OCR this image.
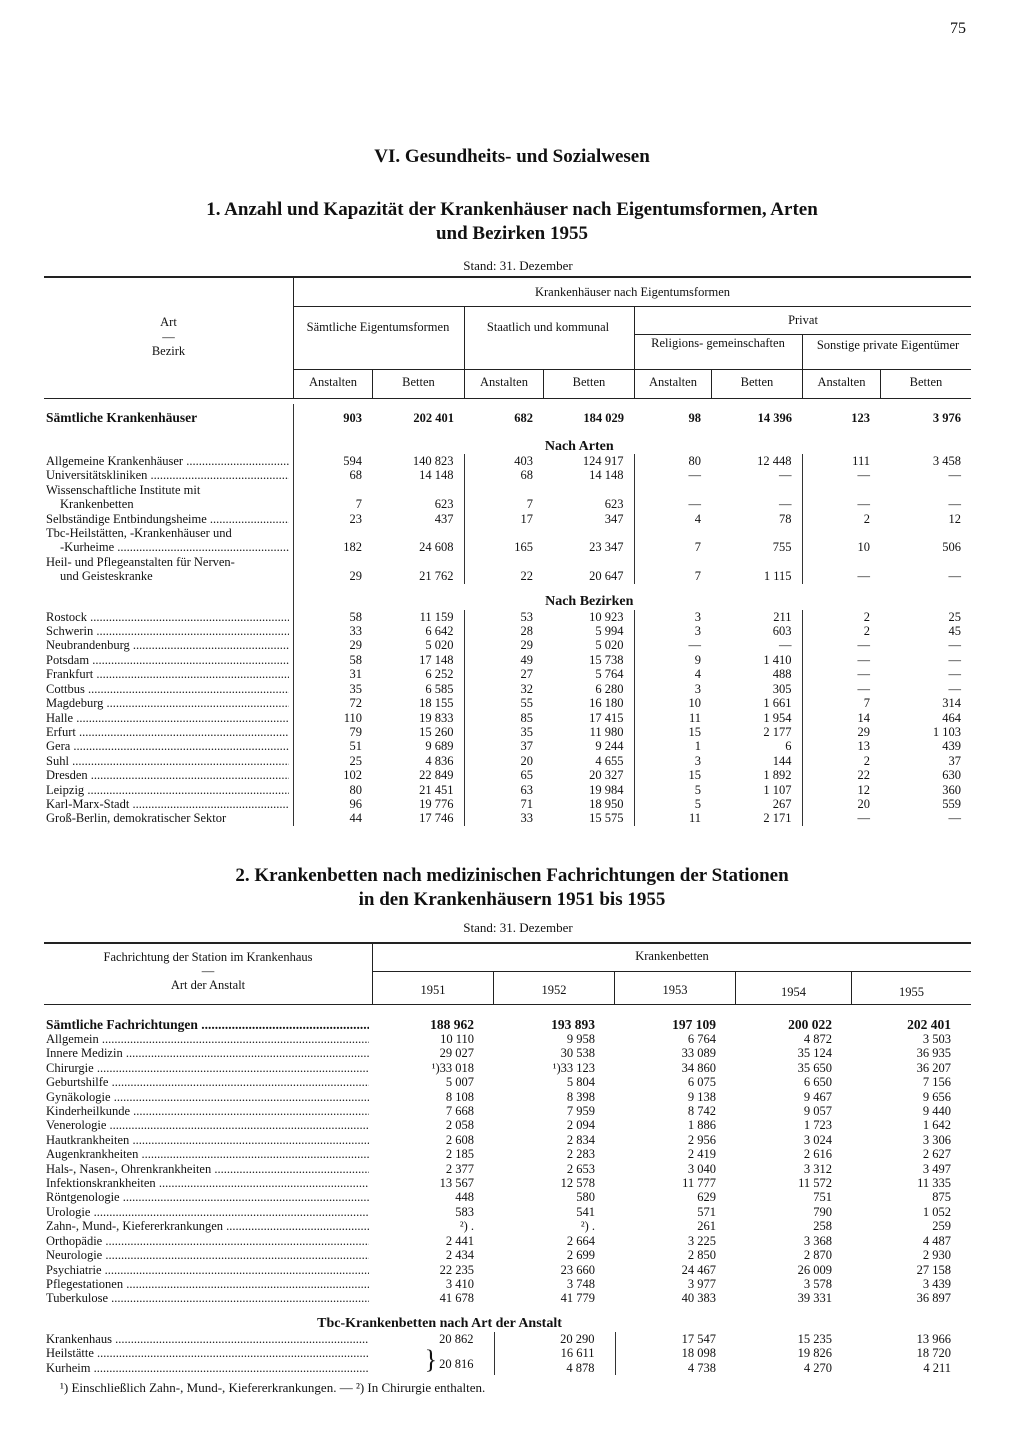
75
VI. Gesundheits- und Sozialwesen
1. Anzahl und Kapazität der Krankenhäuser nach Eigentumsformen, Arten
und Bezirken 1955
Stand: 31. Dezember
Krankenhäuser nach Eigentumsformen
Art
—
Bezirk
Sämtliche Eigentumsformen	Staatlich und kommunal	Privat
Religions- gemeinschaften	Sonstige private Eigentümer
Anstalten	Betten	Anstalten	Betten	Anstalten	Betten	Anstalten	Betten
Sämtliche Krankenhäuser	903	202 401	682	184 029	98	14 396	123	3 976
	Nach Arten							

Allgemeine Krankenhäuser .....	594	140 823	403	124 917	80	12 448	111	3 458

Universitätskliniken .....	68	14 148	68	14 148	—	—	—	—

Wissenschaftliche Institute mit								

Krankenbetten	7	623	7	623	—	—	—	—

Selbständige Entbindungsheime .....	23	437	17	347	4	78	2	12

Tbc-Heilstätten, -Krankenhäuser und								

-Kurheime .....	182	24 608	165	23 347	7	755	10	506

Heil- und Pflegeanstalten für Nerven-								

und Geisteskranke	29	21 762	22	20 647	7	1 115	—	—
	Nach Bezirken							

Rostock .....	58	11 159	53	10 923	3	211	2	25

Schwerin .....	33	6 642	28	5 994	3	603	2	45

Neubrandenburg .....	29	5 020	29	5 020	—	—	—	—

Potsdam .....	58	17 148	49	15 738	9	1 410	—	—

Frankfurt .....	31	6 252	27	5 764	4	488	—	—

Cottbus .....	35	6 585	32	6 280	3	305	—	—

Magdeburg .....	72	18 155	55	16 180	10	1 661	7	314

Halle .....	110	19 833	85	17 415	11	1 954	14	464

Erfurt .....	79	15 260	35	11 980	15	2 177	29	1 103

Gera .....	51	9 689	37	9 244	1	6	13	439

Suhl .....	25	4 836	20	4 655	3	144	2	37

Dresden .....	102	22 849	65	20 327	15	1 892	22	630

Leipzig .....	80	21 451	63	19 984	5	1 107	12	360

Karl-Marx-Stadt .....	96	19 776	71	18 950	5	267	20	559

Groß-Berlin, demokratischer Sektor	44	17 746	33	15 575	11	2 171	—	—
2. Krankenbetten nach medizinischen Fachrichtungen der Stationen
in den Krankenhäusern 1951 bis 1955
Stand: 31. Dezember
Fachrichtung der Station im Krankenhaus
—
Art der Anstalt
Krankenbetten
1951	1952	1953	1954	1955
Sämtliche Fachrichtungen .....	188 962	193 893	197 109	200 022	202 401

Allgemein .....	10 110	9 958	6 764	4 872	3 503

Innere Medizin .....	29 027	30 538	33 089	35 124	36 935

Chirurgie .....	¹)33 018	¹)33 123	34 860	35 650	36 207

Geburtshilfe .....	5 007	5 804	6 075	6 650	7 156

Gynäkologie .....	8 108	8 398	9 138	9 467	9 656

Kinderheilkunde .....	7 668	7 959	8 742	9 057	9 440

Venerologie .....	2 058	2 094	1 886	1 723	1 642

Hautkrankheiten .....	2 608	2 834	2 956	3 024	3 306

Augenkrankheiten .....	2 185	2 283	2 419	2 616	2 627

Hals-, Nasen-, Ohrenkrankheiten .....	2 377	2 653	3 040	3 312	3 497

Infektionskrankheiten .....	13 567	12 578	11 777	11 572	11 335

Röntgenologie .....	448	580	629	751	875

Urologie .....	583	541	571	790	1 052

Zahn-, Mund-, Kiefererkrankungen .....	²) .	²) .	261	258	259

Orthopädie .....	2 441	2 664	3 225	3 368	4 487

Neurologie .....	2 434	2 699	2 850	2 870	2 930

Psychiatrie .....	22 235	23 660	24 467	26 009	27 158

Pflegestationen .....	3 410	3 748	3 977	3 578	3 439

Tuberkulose .....	41 678	41 779	40 383	39 331	36 897
Tbc-Krankenbetten nach Art der Anstalt					

Krankenhaus .....	20 862	20 290	17 547	15 235	13 966

Heilstätte .....	} 20 816	16 611	18 098	19 826	18 720

Kurheim .....		4 878	4 738	4 270	4 211
¹) Einschließlich Zahn-, Mund-, Kiefererkrankungen. — ²) In Chirurgie enthalten.
